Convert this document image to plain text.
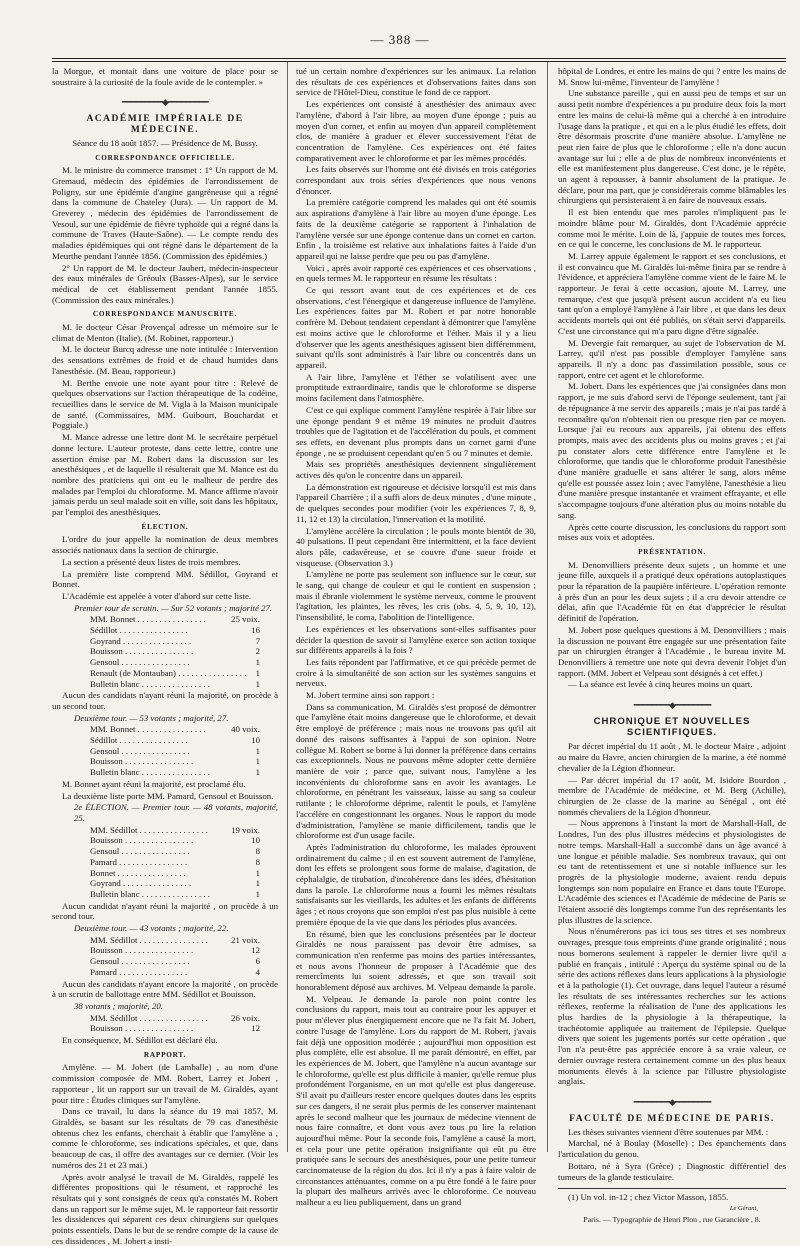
— 388 —

la Morgue, et montait dans une voiture de place pour se soustraire à la curiosité de la foule avide de le contempler. »

━━━━━━━━━◆━━━━━━━━━
ACADÉMIE IMPÉRIALE DE MÉDECINE.

Séance du 18 août 1857. — Présidence de M. Bussy.

CORRESPONDANCE OFFICIELLE.

M. le ministre du commerce transmet : 1° Un rapport de M. Gremaud, médecin des épidémies de l'arrondissement de Poligny, sur une épidémie d'angine gangréneuse qui a régné dans la commune de Chateley (Jura). — Un rapport de M. Greverey , médecin des épidémies de l'arrondissement de Vesoul, sur une épidémie de fièvre typhoïde qui a régné dans la commune de Traves (Haute-Saône). — Le compte rendu des maladies épidémiques qui ont régné dans le département de la Meurthe pendant l'année 1856. (Commission des épidémies.)

2° Un rapport de M. le docteur Jaubert, médecin-inspecteur des eaux minérales de Gréoulx (Basses-Alpes), sur le service médical de cet établissement pendant l'année 1855. (Commission des eaux minérales.)

CORRESPONDANCE MANUSCRITE.

M. le docteur César Provençal adresse un mémoire sur le climat de Menton (Italie). (M. Robinet, rapporteur.)

M. le docteur Burcq adresse une note intitulée : Intervention des sensations extrêmes de froid et de chaud humides dans l'anesthésie. (M. Beau, rapporteur.)

M. Berthe envoie une note ayant pour titre : Relevé de quelques observations sur l'action thérapeutique de la codéine, recueillies dans le service de M. Vigla à la Maison municipale de santé. (Commissaires, MM. Guibourt, Bouchardat et Poggiale.)

M. Mance adresse une lettre dont M. le secrétaire perpétuel donne lecture. L'auteur proteste, dans cette lettre, contre une assertion émise par M. Robert dans la discussion sur les anesthésiques , et de laquelle il résulterait que M. Mance est du nombre des praticiens qui ont eu le malheur de perdre des malades par l'emploi du chloroforme. M. Mance affirme n'avoir jamais perdu un seul malade soit en ville, soit dans les hôpitaux, par l'emploi des anesthésiques.

ÉLECTION.

L'ordre du jour appelle la nomination de deux membres associés nationaux dans la section de chirurgie.

La section a présenté deux listes de trois membres.

La première liste comprend MM. Sédillot, Goyrand et Bonnet.

L'Académie est appelée à voter d'abord sur cette liste.

Premier tour de scrutin. — Sur 52 votants ; majorité 27.
MM. Bonnet . . .	25 voix.
Sédillot . . .	16
Goyrand . . .	7
Bouisson . . .	2
Gensoul . . .	1
Renault (de Montauban) . . .	1
Bulletin blanc . . .	1

Aucun des candidats n'ayant réuni la majorité, on procède à un second tour.

Deuxième tour. — 53 votants ; majorité, 27.
MM. Bonnet . . .	40 voix.
Sédillot . . .	10
Gensoul . . .	1
Bouisson . . .	1
Bulletin blanc . . .	1

M. Bonnet ayant réuni la majorité, est proclamé élu.

La deuxième liste porte MM. Pamard, Gensoul et Bouisson.

2e ÉLECTION. — Premier tour. — 48 votants, majorité, 25.
MM. Sédillot . . .	19 voix.
Bouisson . . .	10
Gensoul . . .	8
Pamard . . .	8
Bonnet . . .	1
Goyrand . . .	1
Bulletin blanc . . .	1

Aucun candidat n'ayant réuni la majorité , on procède à un second tour.

Deuxième tour. — 43 votants ; majorité, 22.
MM. Sédillot . . .	21 voix.
Bouisson . . .	12
Gensoul . . .	6
Pamard . . .	4

Aucun des candidats n'ayant encore la majorité , on procède à un scrutin de ballottage entre MM. Sédillot et Bouisson.

38 votants ; majorité, 20.
MM. Sédillot . . .	26 voix.
Bouisson . . .	12

En conséquence, M. Sédillot est déclaré élu.

RAPPORT.

Amylène. — M. Jobert (de Lamballe) , au nom d'une commission composée de MM. Robert, Larrey et Jobert , rapporteur , lit un rapport sur un travail de M. Giraldès, ayant pour titre : Études cliniques sur l'amylène.

Dans ce travail, lu dans la séance du 19 mai 1857, M. Giraldès, se basant sur les résultats de 79 cas d'anesthésie obtenus chez les enfants, cherchait à établir que l'amylène a , comme le chloroforme, ses indications spéciales, et que, dans beaucoup de cas, il offre des avantages sur ce dernier. (Voir les numéros des 21 et 23 mai.)

Après avoir analysé le travail de M. Giraldès, rappelé les différentes propositions qui le résument, et rapproché les résultats qui y sont consignés de ceux qu'a constatés M. Robert dans un rapport sur le même sujet, M. le rapporteur fait ressortir les dissidences qui séparent ces deux chirurgiens sur quelques points essentiels. Dans le but de se rendre compte de la cause de ces dissidences , M. Jobert a insti-

tué un certain nombre d'expériences sur les animaux. La relation des résultats de ces expériences et d'observations faites dans son service de l'Hôtel-Dieu, constitue le fond de ce rapport.

Les expériences ont consisté à anesthésier des animaux avec l'amylène, d'abord à l'air libre, au moyen d'une éponge ; puis au moyen d'un cornet, et enfin au moyen d'un appareil complètement clos, de manière à graduer et élever successivement l'état de concentration de l'amylène. Ces expériences ont été faites comparativement avec le chloroforme et par les mêmes procédés.

Les faits observés sur l'homme ont été divisés en trois catégories correspondant aux trois séries d'expériences que nous venons d'énoncer.

La première catégorie comprend les malades qui ont été soumis aux aspirations d'amylène à l'air libre au moyen d'une éponge. Les faits de la deuxième catégorie se rapportent à l'inhalation de l'amylène versée sur une éponge contenue dans un cornet en carton. Enfin , la troisième est relative aux inhalations faites à l'aide d'un appareil qui ne laisse perdre que peu ou pas d'amylène.

Voici , après avoir rapporté ces expériences et ces observations , en quels termes M. le rapporteur en résume les résultats :

Ce qui ressort avant tout de ces expériences et de ces observations, c'est l'énergique et dangereuse influence de l'amylène. Les expériences faites par M. Robert et par notre honorable confrère M. Debout tendaient cependant à démontrer que l'amylène est moins active que le chloroforme et l'éther. Mais il y a lieu d'observer que les agents anesthésiques agissent bien différemment, suivant qu'ils sont administrés à l'air libre ou concentrés dans un appareil.

A l'air libre, l'amylène et l'éther se volatilisent avec une promptitude extraordinaire, tandis que le chloroforme se disperse moins facilement dans l'atmosphère.

C'est ce qui explique comment l'amylène respirée à l'air libre sur une éponge pendant 9 et même 19 minutes ne produit d'autres troubles que de l'agitation et de l'accélération du pouls, et comment ses effets, en devenant plus prompts dans un cornet garni d'une éponge , ne se produisent cependant qu'en 5 ou 7 minutes et demie.

Mais ses propriétés anesthésiques deviennent singulièrement actives dès qu'on le concentre dans un appareil.

La démonstration est rigoureuse et décisive lorsqu'il est mis dans l'appareil Charrière ; il a suffi alors de deux minutes , d'une minute , de quelques secondes pour modifier (voir les expériences 7, 8, 9, 11, 12 et 13) la circulation, l'innervation et la motilité.

L'amylène accélère la circulation ; le pouls monte bientôt de 30, 40 pulsations. Il peut cependant être intermittent, et la face devient alors pâle, cadavéreuse, et se couvre d'une sueur froide et visqueuse. (Observation 3.)

L'amylène ne porte pas seulement son influence sur le cœur, sur le sang, qui change de couleur et qui le contient en suspension ; mais il ébranle violemment le système nerveux, comme le prouvent l'agitation, les plaintes, les rêves, les cris (obs. 4, 5, 9, 10, 12), l'insensibilité, le coma, l'abolition de l'intelligence.

Les expériences et les observations sont-elles suffisantes pour décider la question de savoir si l'amylène exerce son action toxique sur différents appareils à la fois ?

Les faits répondent par l'affirmative, et ce qui précède permet de croire à la simultanéité de son action sur les systèmes sanguins et nerveux.

M. Jobert termine ainsi son rapport :

Dans sa communication, M. Giraldès s'est proposé de démontrer que l'amylène était moins dangereuse que le chloroforme, et devait être employé de préférence ; mais nous ne trouvons pas qu'il ait donné des raisons suffisantes à l'appui de son opinion. Notre collègue M. Robert se borne à lui donner la préférence dans certains cas exceptionnels. Nous ne pouvons même adopter cette dernière manière de voir ; parce que, suivant nous, l'amylène a les inconvénients du chloroforme sans en avoir les avantages. Le chloroforme, en pénétrant les vaisseaux, laisse au sang sa couleur rutilante ; le chloroforme déprime, ralentit le pouls, et l'amylène l'accélère en congestionnant les organes. Nous le rapport du mode d'administration, l'amylène se manie difficilement, tandis que le chloroforme est d'un usage facile.

Après l'administration du chloroforme, les malades éprouvent ordinairement du calme ; il en est souvent autrement de l'amylène, dont les effets se prolongent sous forme de malaise, d'agitation, de céphalalgie, de titubation, d'incohérence dans les idées, d'hésitation dans la parole. Le chloroforme nous a fourni les mêmes résultats satisfaisants sur les vieillards, les adultes et les enfants de différents âges ; et nous croyons que son emploi n'est pas plus nuisible à cette première époque de la vie que dans les périodes plus avancées.

En résumé, bien que les conclusions présentées par le docteur Giraldès ne nous paraissent pas devoir être admises, sa communication n'en renferme pas moins des parties intéressantes, et nous avons l'honneur de proposer à l'Académie que des remercîments lui soient adressés, et que son travail soit honorablement déposé aux archives. M. Velpeau demande la parole.

M. Velpeau. Je demande la parole non point contre les conclusions du rapport, mais tout au contraire pour les appuyer et pour m'élever plus énergiquement encore que ne l'a fait M. Jobert, contre l'usage de l'amylène. Lors du rapport de M. Robert, j'avais fait déjà une opposition modérée ; aujourd'hui mon opposition est plus complète, elle est absolue. Il me paraît démontré, en effet, par les expériences de M. Jobert, que l'amylène n'a aucun avantage sur le chloroforme, qu'elle est plus difficile à manier, qu'elle remue plus profondément l'organisme, en un mot qu'elle est plus dangereuse. S'il avait pu d'ailleurs rester encore quelques doutes dans les esprits sur ces dangers, il ne serait plus permis de les conserver maintenant après le second malheur que les journaux de médecine viennent de nous faire connaître, et dont vous avez tous pu lire la relation aujourd'hui même. Pour la seconde fois, l'amylène a causé la mort, et cela pour une petite opération insignifiante qui eût pu être pratiquée sans le secours des anesthésiques, pour une petite tumeur carcinomateuse de la région du dos. Ici il n'y a pas à faire valoir de circonstances atténuantes, comme on a pu être fondé à le faire pour la plupart des malheurs arrivés avec le chloroforme. Ce nouveau malheur a eu lieu publiquement, dans un grand

hôpital de Londres, et entre les mains de qui ? entre les mains de M. Snow lui-même, l'inventeur de l'amylène !

Une substance pareille , qui en aussi peu de temps et sur un aussi petit nombre d'expériences a pu produire deux fois la mort entre les mains de celui-là même qui a cherché à en introduire l'usage dans la pratique , et qui en a le plus étudié les effets, doit être désormais proscrite d'une manière absolue. L'amylène ne peut rien faire de plus que le chloroforme ; elle n'a donc aucun avantage sur lui ; elle a de plus de nombreux inconvénients et elle est manifestement plus dangereuse. C'est donc, je le répète, un agent à repousser, à bannir absolument de la pratique. Je déclare, pour ma part, que je considérerais comme blâmables les chirurgiens qui persisteraient à en faire de nouveaux essais.

Il est bien entendu que mes paroles n'impliquent pas le moindre blâme pour M. Giraldès, dont l'Académie apprécie comme moi le mérite. Loin de là, j'appuie de toutes mes forces, en ce qui le concerne, les conclusions de M. le rapporteur.

M. Larrey appuie également le rapport et ses conclusions, et il est convaincu que M. Giraldès lui-même finira par se rendre à l'évidence, et appréciera l'amylène comme vient de le faire M. le rapporteur. Je ferai à cette occasion, ajoute M. Larrey, une remarque, c'est que jusqu'à présent aucun accident n'a eu lieu tant qu'on a employé l'amylène à l'air libre , et que dans les deux accidents mortels qui ont été publiés, on s'était servi d'appareils. C'est une circonstance qui m'a paru digne d'être signalée.

M. Devergie fait remarquer, au sujet de l'observation de M. Larrey, qu'il n'est pas possible d'employer l'amylène sans appareils. Il n'y a donc pas d'assimilation possible, sous ce rapport, entre cet agent et le chloroforme.

M. Jobert. Dans les expériences que j'ai consignées dans mon rapport, je me suis d'abord servi de l'éponge seulement, tant j'ai de répugnance à me servir des appareils ; mais je n'ai pas tardé à reconnaître qu'on n'obtenait rien ou presque rien par ce moyen. Lorsque j'ai eu recours aux appareils, j'ai obtenu des effets prompts, mais avec des accidents plus ou moins graves ; et j'ai pu constater alors cette différence entre l'amylène et le chloroforme, que tandis que le chloroforme produit l'anesthésie d'une manière graduelle et sans altérer le sang, alors même qu'elle est poussée assez loin ; avec l'amylène, l'anesthésie a lieu d'une manière presque instantanée et vraiment effrayante, et elle s'accompagne toujours d'une altération plus ou moins notable du sang.

Après cette courte discussion, les conclusions du rapport sont mises aux voix et adoptées.

PRÉSENTATION.

M. Denonvilliers présente deux sujets , un homme et une jeune fille, auxquels il a pratiqué deux opérations autoplastiques pour la réparation de la paupière inférieure. L'opération remonte à près d'un an pour les deux sujets ; il a cru devoir attendre ce délai, afin que l'Académie fût en état d'apprécier le résultat définitif de l'opération.

M. Jobert pose quelques questions à M. Denonvilliers ; mais la discussion ne pouvant être engagée sur une présentation faite par un chirurgien étranger à l'Académie , le bureau invite M. Denonvilliers à remettre une note qui devra devenir l'objet d'un rapport. (MM. Jobert et Velpeau sont désignés à cet effet.)

— La séance est levée à cinq heures moins un quart.

━━━━━━━━◆━━━━━━━━
CHRONIQUE ET NOUVELLES SCIENTIFIQUES.

Par décret impérial du 11 août , M. le docteur Maire , adjoint au maire du Havre, ancien chirurgien de la marine, a été nommé chevalier de la Légion d'honneur.

— Par décret impérial du 17 août, M. Isidore Bourdon , membre de l'Académie de médecine, et M. Berg (Achille), chirurgien de 2e classe de la marine au Sénégal , ont été nommés chevaliers de la Légion d'honneur.

— Nous apprenons à l'instant la mort de Marshall-Hall, de Londres, l'un des plus illustres médecins et physiologistes de notre temps. Marshall-Hall a succombé dans un âge avancé à une longue et pénible maladie. Ses nombreux travaux, qui ont eu tant de retentissement et une si notable influence sur les progrès de la physiologie moderne, avaient rendu depuis longtemps son nom populaire en France et dans toute l'Europe. L'Académie des sciences et l'Académie de médecine de Paris se l'étaient associé dès longtemps comme l'un des représentants les plus illustres de la science.

Nous n'énumérerons pas ici tous ses titres et ses nombreux ouvrages, presque tous empreints d'une grande originalité ; nous nous bornerons seulement à rappeler le dernier livre qu'il a publié en français , intitulé : Aperçu du système spinal ou de la série des actions réflexes dans leurs applications à la physiologie et à la pathologie (1). Cet ouvrage, dans lequel l'auteur a résumé les résultats de ses intéressantes recherches sur les actions réflexes, renferme la réalisation de l'une des applications les plus hardies de la physiologie à la thérapeutique, la trachéotomie appliquée au traitement de l'épilepsie. Quelque divers que soient les jugements portés sur cette opération , que l'on n'a peut-être pas appréciée encore à sa vraie valeur, ce dernier ouvrage restera certainement comme un des plus beaux monuments élevés à la science par l'illustre physiologiste anglais.

━━━━━━━━◆━━━━━━━━
FACULTÉ DE MÉDECINE DE PARIS.

Les thèses suivantes viennent d'être soutenues par MM. :

Marchal, né à Boulay (Moselle) ; Des épanchements dans l'articulation du genou.

Bottaro, né à Syra (Grèce) ; Diagnostic différentiel des tumeurs de la glande testiculaire.

(1) Un vol. in-12 ; chez Victor Masson, 1855.

Le Gérant,
Paris. — Typographie de Henri Plon , rue Garancière , 8.
